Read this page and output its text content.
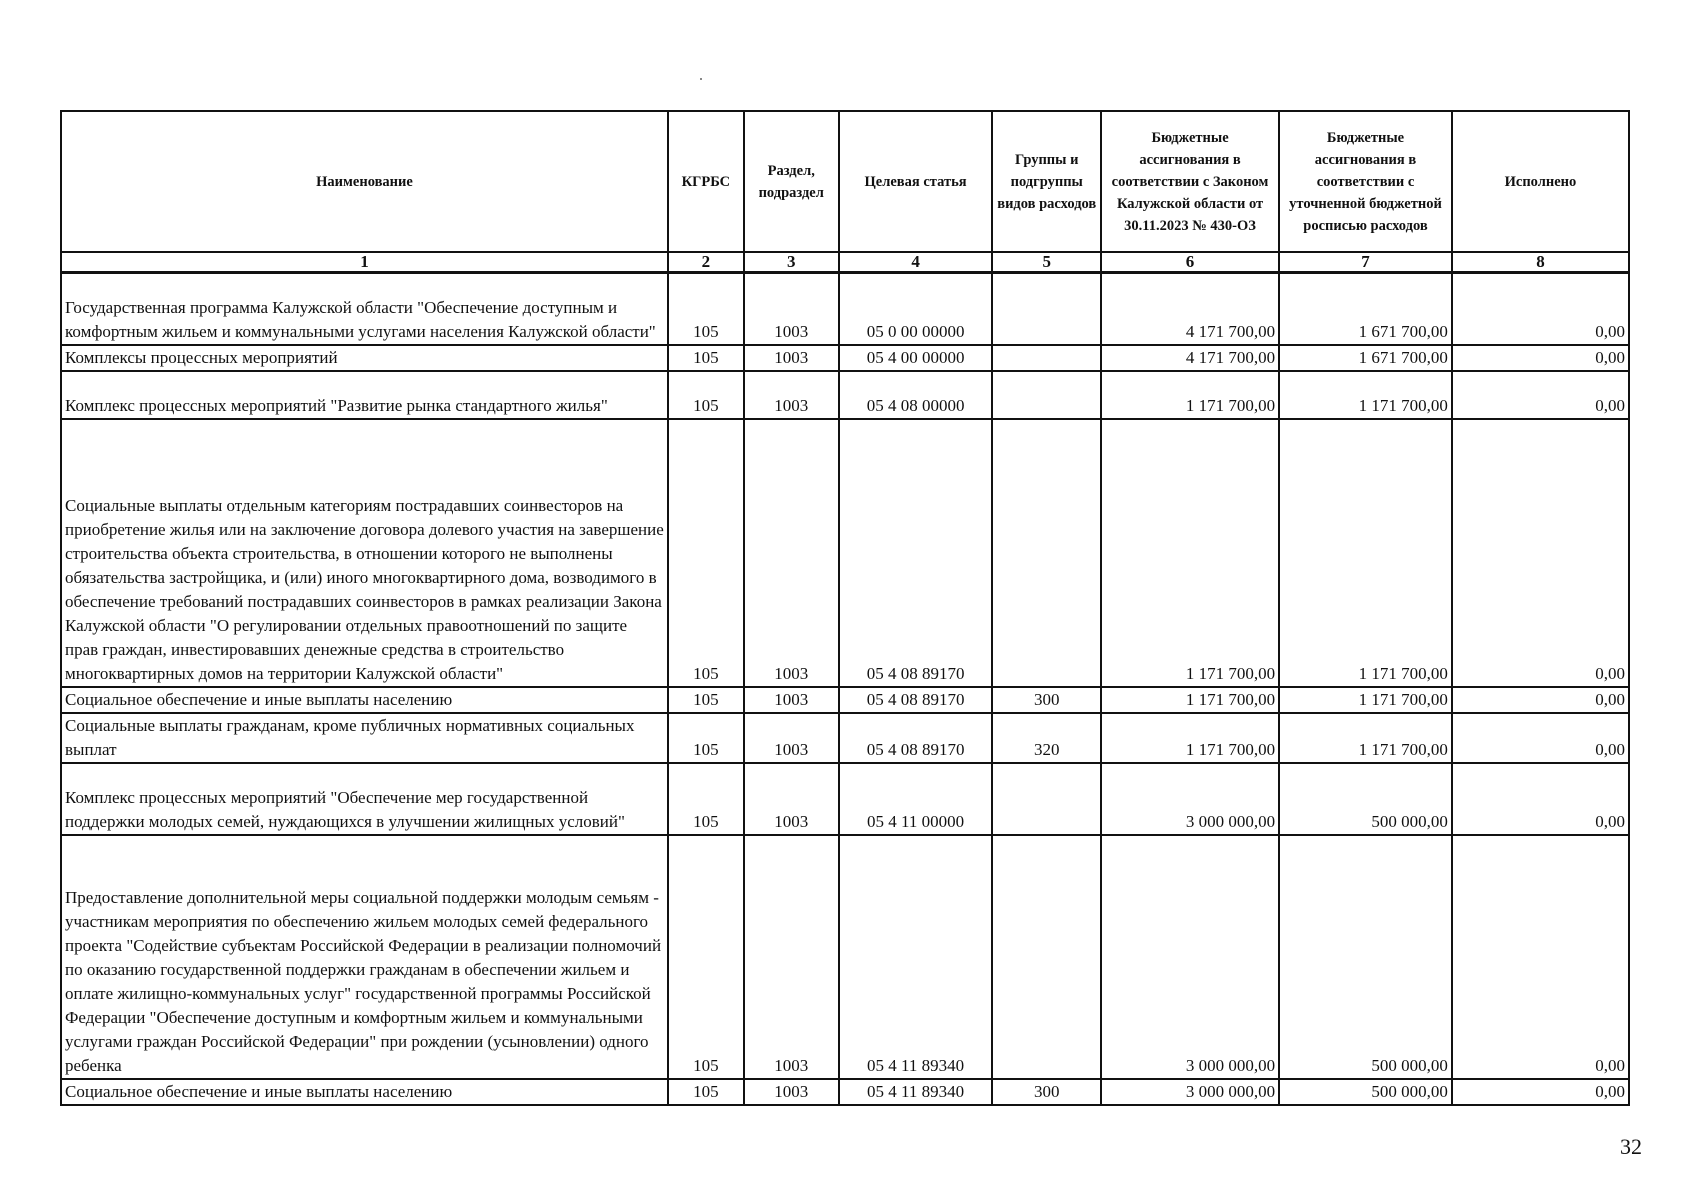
Наименование	КГРБС	Раздел, подраздел	Целевая статья	Группы и подгруппы видов расходов	Бюджетные ассигнования в соответствии с Законом Калужской области от 30.11.2023 № 430-ОЗ	Бюджетные ассигнования в соответствии с уточненной бюджетной росписью расходов	Исполнено
1	2	3	4	5	6	7	8
Государственная программа Калужской области "Обеспечение доступным и комфортным жильем и коммунальными услугами населения Калужской области"	105	1003	05 0 00 00000		4 171 700,00	1 671 700,00	0,00
Комплексы процессных мероприятий	105	1003	05 4 00 00000		4 171 700,00	1 671 700,00	0,00
Комплекс процессных мероприятий "Развитие рынка стандартного жилья"	105	1003	05 4 08 00000		1 171 700,00	1 171 700,00	0,00
Социальные выплаты отдельным категориям пострадавших соинвесторов на приобретение жилья или на заключение договора долевого участия на завершение строительства объекта строительства, в отношении которого не выполнены обязательства застройщика, и (или) иного многоквартирного дома, возводимого в обеспечение требований пострадавших соинвесторов в рамках реализации Закона Калужской области "О регулировании отдельных правоотношений по защите прав граждан, инвестировавших денежные средства в строительство многоквартирных домов на территории Калужской области"	105	1003	05 4 08 89170		1 171 700,00	1 171 700,00	0,00
Социальное обеспечение и иные выплаты населению	105	1003	05 4 08 89170	300	1 171 700,00	1 171 700,00	0,00
Социальные выплаты гражданам, кроме публичных нормативных социальных выплат	105	1003	05 4 08 89170	320	1 171 700,00	1 171 700,00	0,00
Комплекс процессных мероприятий "Обеспечение мер государственной поддержки молодых семей, нуждающихся в улучшении жилищных условий"	105	1003	05 4 11 00000		3 000 000,00	500 000,00	0,00
Предоставление дополнительной меры социальной поддержки молодым семьям - участникам мероприятия по обеспечению жильем молодых семей федерального проекта "Содействие субъектам Российской Федерации в реализации полномочий по оказанию государственной поддержки гражданам в обеспечении жильем и оплате жилищно-коммунальных услуг" государственной программы Российской Федерации "Обеспечение доступным и комфортным жильем и коммунальными услугами граждан Российской Федерации" при рождении (усыновлении) одного ребенка	105	1003	05 4 11 89340		3 000 000,00	500 000,00	0,00
Социальное обеспечение и иные выплаты населению	105	1003	05 4 11 89340	300	3 000 000,00	500 000,00	0,00
32
